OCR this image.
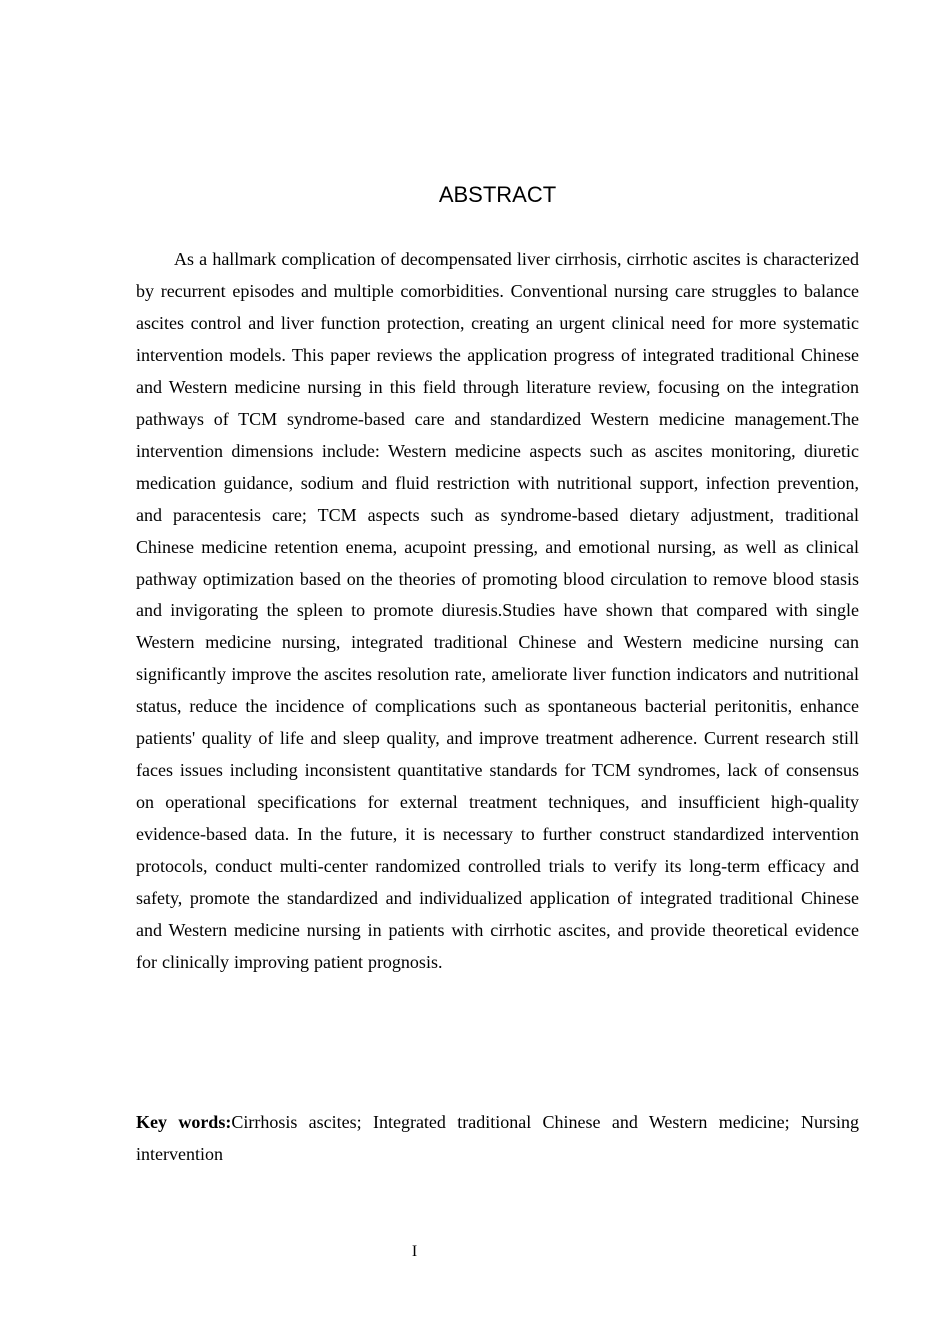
ABSTRACT

As a hallmark complication of decompensated liver cirrhosis, cirrhotic ascites is characterized by recurrent episodes and multiple comorbidities. Conventional nursing care struggles to balance ascites control and liver function protection, creating an urgent clinical need for more systematic intervention models. This paper reviews the application progress of integrated traditional Chinese and Western medicine nursing in this field through literature review, focusing on the integration pathways of TCM syndrome-based care and standardized Western medicine management.The intervention dimensions include: Western medicine aspects such as ascites monitoring, diuretic medication guidance, sodium and fluid restriction with nutritional support, infection prevention, and paracentesis care; TCM aspects such as syndrome-based dietary adjustment, traditional Chinese medicine retention enema, acupoint pressing, and emotional nursing, as well as clinical pathway optimization based on the theories of promoting blood circulation to remove blood stasis and invigorating the spleen to promote diuresis.Studies have shown that compared with single Western medicine nursing, integrated traditional Chinese and Western medicine nursing can significantly improve the ascites resolution rate, ameliorate liver function indicators and nutritional status, reduce the incidence of complications such as spontaneous bacterial peritonitis, enhance patients' quality of life and sleep quality, and improve treatment adherence. Current research still faces issues including inconsistent quantitative standards for TCM syndromes, lack of consensus on operational specifications for external treatment techniques, and insufficient high-quality evidence-based data. In the future, it is necessary to further construct standardized intervention protocols, conduct multi-center randomized controlled trials to verify its long-term efficacy and safety, promote the standardized and individualized application of integrated traditional Chinese and Western medicine nursing in patients with cirrhotic ascites, and provide theoretical evidence for clinically improving patient prognosis.

Key words:Cirrhosis ascites; Integrated traditional Chinese and Western medicine; Nursing intervention

I
